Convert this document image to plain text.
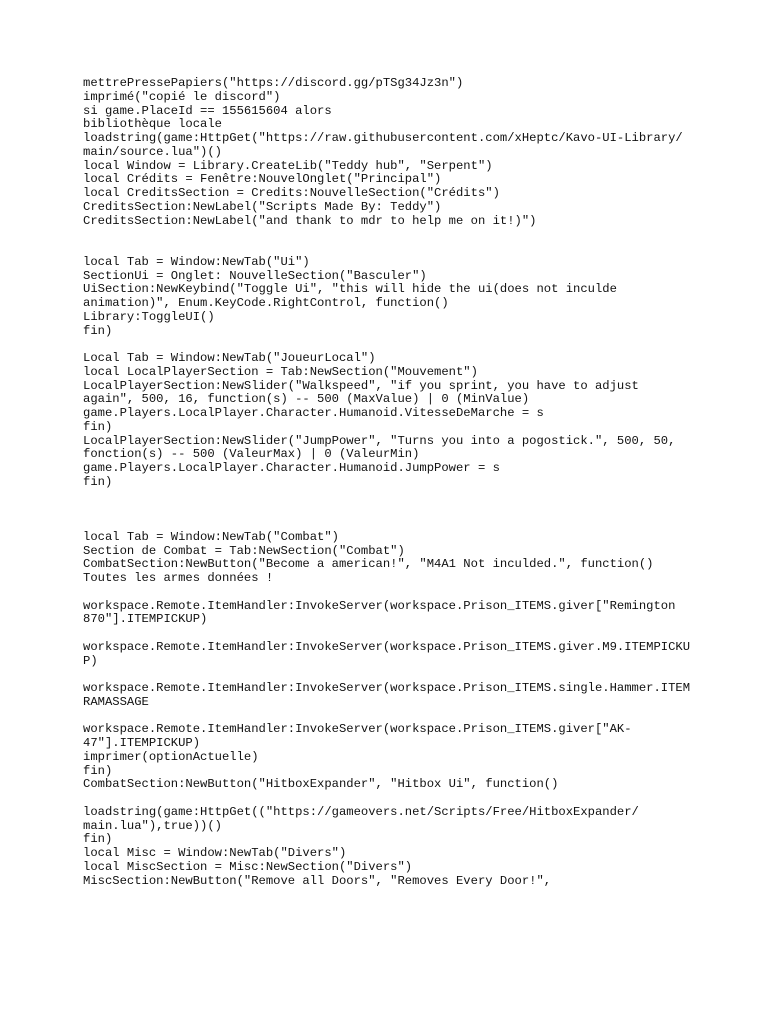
mettrePressePapiers("https://discord.gg/pTSg34Jz3n")
imprimé("copié le discord")
si game.PlaceId == 155615604 alors
bibliothèque locale
loadstring(game:HttpGet("https://raw.githubusercontent.com/xHeptc/Kavo-UI-Library/
main/source.lua")()
local Window = Library.CreateLib("Teddy hub", "Serpent")
local Crédits = Fenêtre:NouvelOnglet("Principal")
local CreditsSection = Credits:NouvelleSection("Crédits")
CreditsSection:NewLabel("Scripts Made By: Teddy")
CreditsSection:NewLabel("and thank to mdr to help me on it!)")
local Tab = Window:NewTab("Ui")
SectionUi = Onglet: NouvelleSection("Basculer")
UiSection:NewKeybind("Toggle Ui", "this will hide the ui(does not inculde
animation)", Enum.KeyCode.RightControl, function()
Library:ToggleUI()
fin)
Local Tab = Window:NewTab("JoueurLocal")
local LocalPlayerSection = Tab:NewSection("Mouvement")
LocalPlayerSection:NewSlider("Walkspeed", "if you sprint, you have to adjust
again", 500, 16, function(s) -- 500 (MaxValue) | 0 (MinValue)
game.Players.LocalPlayer.Character.Humanoid.VitesseDeMarche = s
fin)
LocalPlayerSection:NewSlider("JumpPower", "Turns you into a pogostick.", 500, 50,
fonction(s) -- 500 (ValeurMax) | 0 (ValeurMin)
game.Players.LocalPlayer.Character.Humanoid.JumpPower = s
fin)
local Tab = Window:NewTab("Combat")
Section de Combat = Tab:NewSection("Combat")
CombatSection:NewButton("Become a american!", "M4A1 Not inculded.", function()
Toutes les armes données !
workspace.Remote.ItemHandler:InvokeServer(workspace.Prison_ITEMS.giver["Remington
870"].ITEMPICKUP)
workspace.Remote.ItemHandler:InvokeServer(workspace.Prison_ITEMS.giver.M9.ITEMPICKU
P)
workspace.Remote.ItemHandler:InvokeServer(workspace.Prison_ITEMS.single.Hammer.ITEM
RAMASSAGE
workspace.Remote.ItemHandler:InvokeServer(workspace.Prison_ITEMS.giver["AK-
47"].ITEMPICKUP)
imprimer(optionActuelle)
fin)
CombatSection:NewButton("HitboxExpander", "Hitbox Ui", function()
loadstring(game:HttpGet(("https://gameovers.net/Scripts/Free/HitboxExpander/
main.lua"),true))()
fin)
local Misc = Window:NewTab("Divers")
local MiscSection = Misc:NewSection("Divers")
MiscSection:NewButton("Remove all Doors", "Removes Every Door!",
